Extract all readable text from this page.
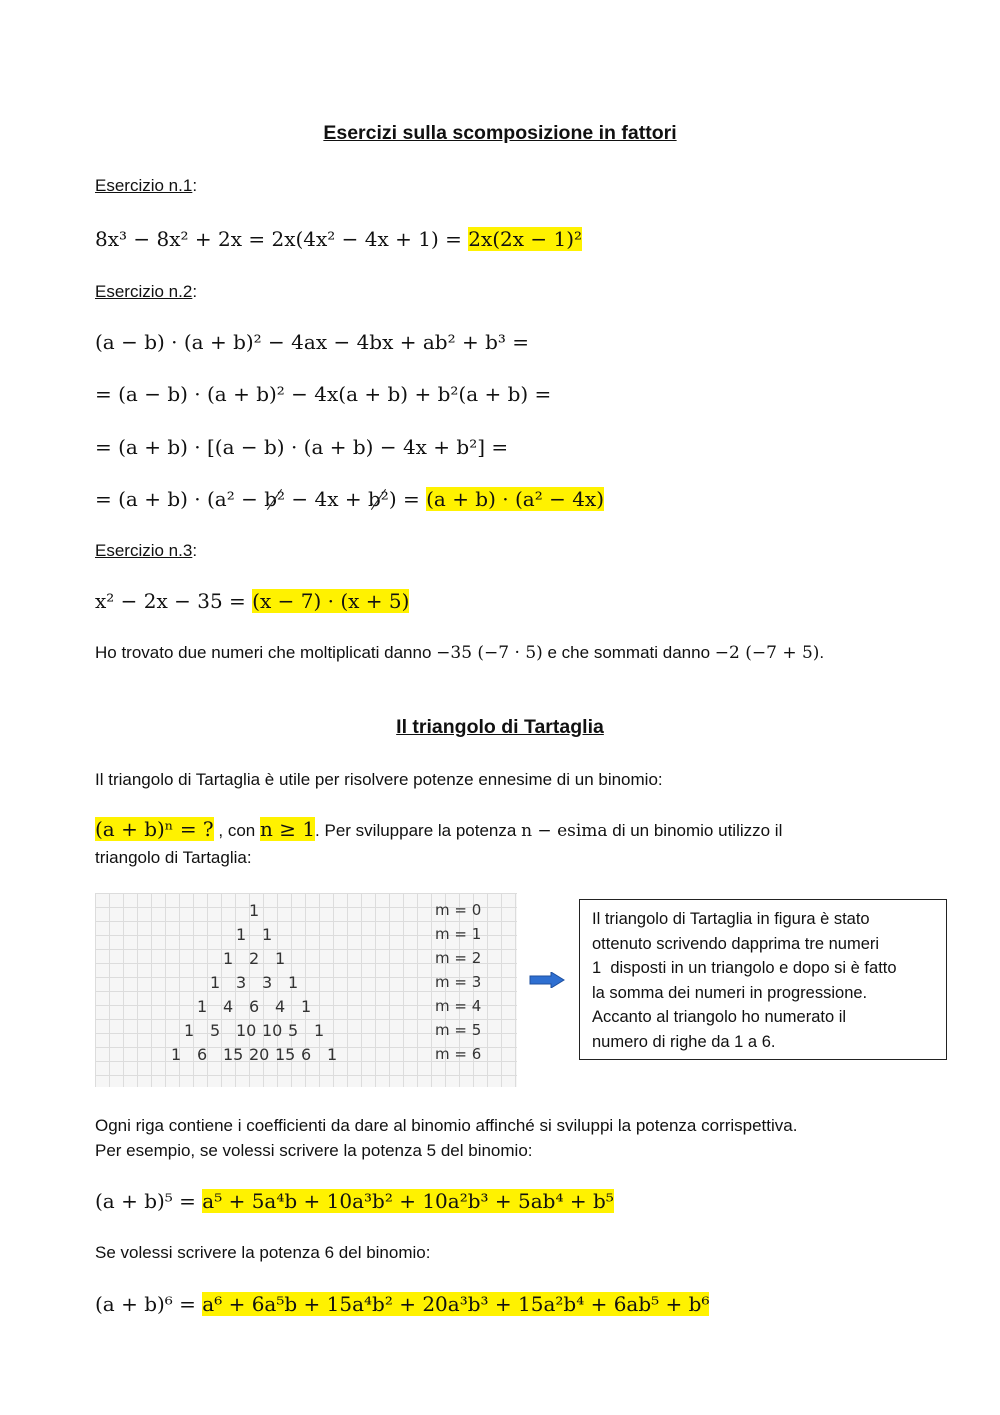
Esercizi sulla scomposizione in fattori
Esercizio n.1:
8x³ − 8x² + 2x = 2x(4x² − 4x + 1) = 2x(2x − 1)²
Esercizio n.2:
(a − b) · (a + b)² − 4ax − 4bx + ab² + b³ =
= (a − b) · (a + b)² − 4x(a + b) + b²(a + b) =
= (a + b) · [(a − b) · (a + b) − 4x + b²] =
= (a + b) · (a² − b² − 4x + b²) = (a + b) · (a² − 4x)
Esercizio n.3:
x² − 2x − 35 = (x − 7) · (x + 5)
Ho trovato due numeri che moltiplicati danno −35 (−7 · 5) e che sommati danno −2 (−7 + 5).
Il triangolo di Tartaglia
Il triangolo di Tartaglia è utile per risolvere potenze ennesime di un binomio:
(a + b)ⁿ = ? , con n ≥ 1. Per sviluppare la potenza n − esima di un binomio utilizzo il
triangolo di Tartaglia:
1	m = 0
1 1	m = 1
1 2 1	m = 2
1 3 3 1	m = 3
1 4 6 4 1	m = 4
1 5 10 10 5 1	m = 5
1 6 15 20 15 6 1	m = 6
Il triangolo di Tartaglia in figura è stato
ottenuto scrivendo dapprima tre numeri
1  disposti in un triangolo e dopo si è fatto
la somma dei numeri in progressione.
Accanto al triangolo ho numerato il
numero di righe da 1 a 6.
Ogni riga contiene i coefficienti da dare al binomio affinché si sviluppi la potenza corrispettiva.
Per esempio, se volessi scrivere la potenza 5 del binomio:
(a + b)⁵ = a⁵ + 5a⁴b + 10a³b² + 10a²b³ + 5ab⁴ + b⁵
Se volessi scrivere la potenza 6 del binomio:
(a + b)⁶ = a⁶ + 6a⁵b + 15a⁴b² + 20a³b³ + 15a²b⁴ + 6ab⁵ + b⁶
